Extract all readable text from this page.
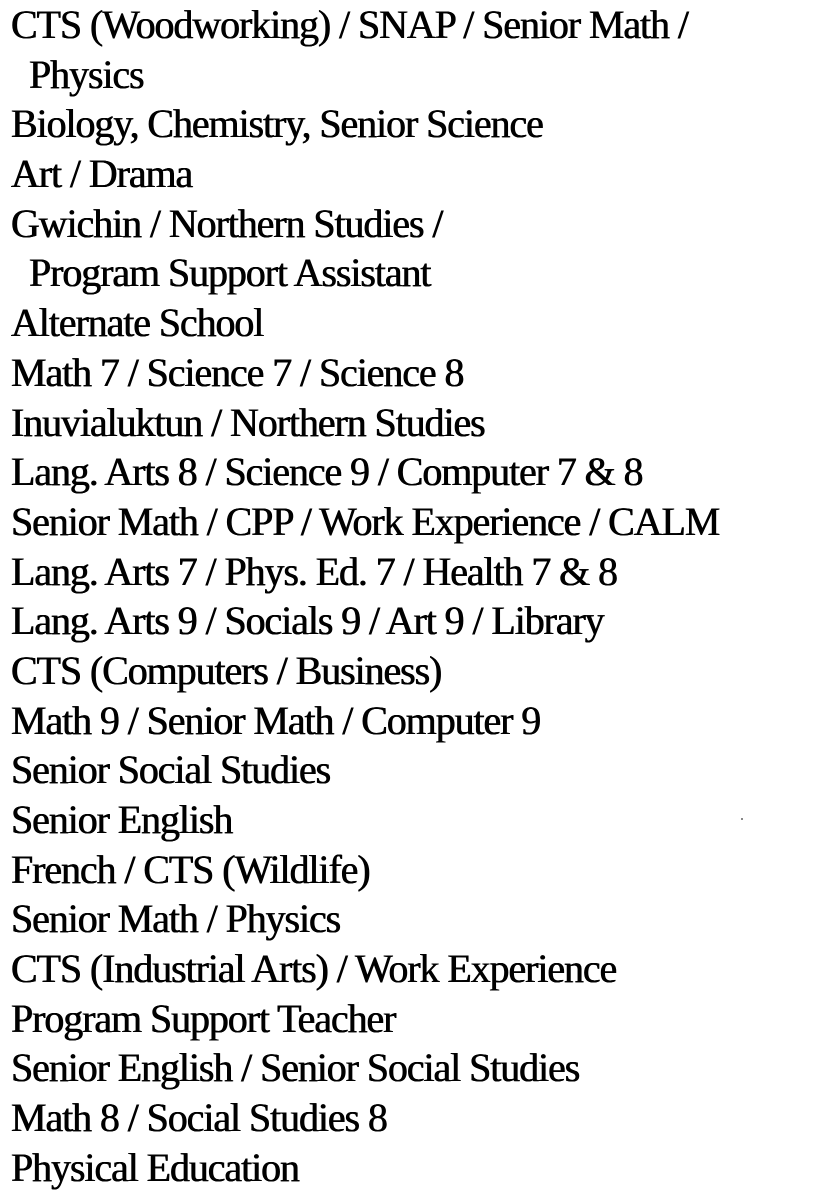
CTS (Woodworking) / SNAP / Senior Math /
Physics
Biology, Chemistry, Senior Science
Art / Drama
Gwichin / Northern Studies /
Program Support Assistant
Alternate School
Math 7 / Science 7 / Science 8
Inuvialuktun / Northern Studies
Lang. Arts 8 / Science 9 / Computer 7 & 8
Senior Math / CPP / Work Experience / CALM
Lang. Arts 7 / Phys. Ed. 7 / Health 7 & 8
Lang. Arts 9 / Socials 9 / Art 9 / Library
CTS (Computers / Business)
Math 9 / Senior Math / Computer 9
Senior Social Studies
Senior English
French / CTS (Wildlife)
Senior Math / Physics
CTS (Industrial Arts) / Work Experience
Program Support Teacher
Senior English / Senior Social Studies
Math 8 / Social Studies 8
Physical Education
